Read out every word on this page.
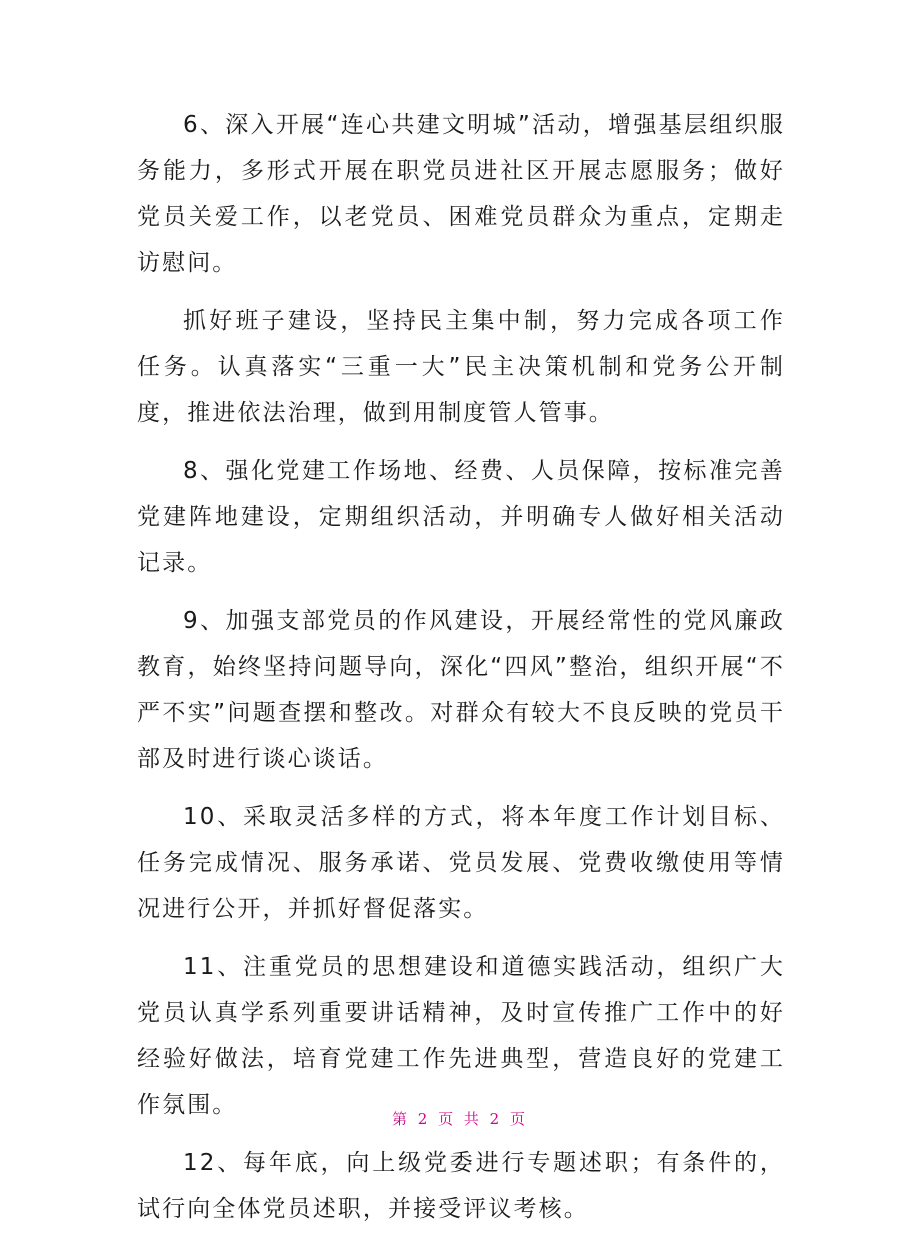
6、深入开展“连心共建文明城”活动，增强基层组织服务能力，多形式开展在职党员进社区开展志愿服务；做好党员关爱工作，以老党员、困难党员群众为重点，定期走访慰问。

抓好班子建设，坚持民主集中制，努力完成各项工作任务。认真落实“三重一大”民主决策机制和党务公开制度，推进依法治理，做到用制度管人管事。

8、强化党建工作场地、经费、人员保障，按标准完善党建阵地建设，定期组织活动，并明确专人做好相关活动记录。

9、加强支部党员的作风建设，开展经常性的党风廉政教育，始终坚持问题导向，深化“四风”整治，组织开展“不严不实”问题查摆和整改。对群众有较大不良反映的党员干部及时进行谈心谈话。

10、采取灵活多样的方式，将本年度工作计划目标、任务完成情况、服务承诺、党员发展、党费收缴使用等情况进行公开，并抓好督促落实。

11、注重党员的思想建设和道德实践活动，组织广大党员认真学系列重要讲话精神，及时宣传推广工作中的好经验好做法，培育党建工作先进典型，营造良好的党建工作氛围。

12、每年底，向上级党委进行专题述职；有条件的，试行向全体党员述职，并接受评议考核。

第 2 页 共 2 页
